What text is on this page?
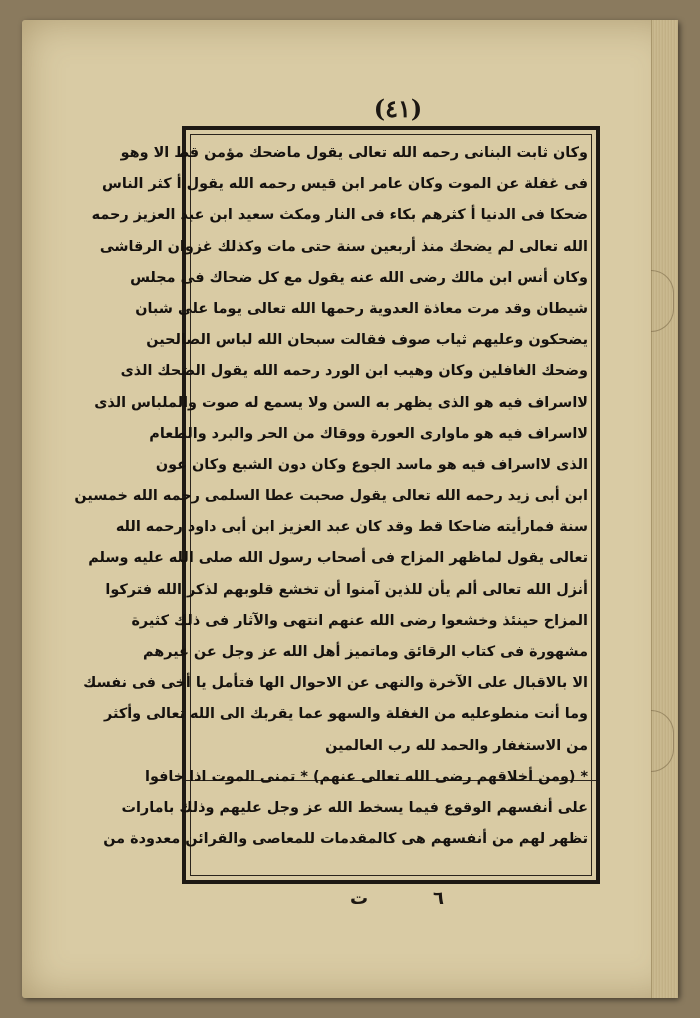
(٤١)
وكان ثابت البنانى رحمه الله تعالى يقول ماضحك مؤمن قط الا وهو
فى غفلة عن الموت وكان عامر ابن قيس رحمه الله يقول أ كثر الناس
ضحكا فى الدنيا أ كثرهم بكاء فى النار ومكث سعيد ابن عبد العزيز رحمه
الله تعالى لم يضحك منذ أربعين سنة حتى مات وكذلك غزوان الرقاشى
وكان أنس ابن مالك رضى الله عنه يقول مع كل ضحاك فى مجلس
شيطان وقد مرت معاذة العدوية رحمها الله تعالى يوما على شبان
يضحكون وعليهم ثياب صوف فقالت سبحان الله لباس الصالحين
وضحك الغافلين وكان وهيب ابن الورد رحمه الله يقول الضحك الذى
لااسراف فيه هو الذى يظهر به السن ولا يسمع له صوت والملباس الذى
لااسراف فيه هو ماوارى العورة ووقاك من الحر والبرد والطعام
الذى لااسراف فيه هو ماسد الجوع وكان دون الشبع وكان عون
ابن أبى زيد رحمه الله تعالى يقول صحبت عطا السلمى رحمه الله خمسين
سنة فمارأيته ضاحكا قط وقد كان عبد العزيز ابن أبى داود رحمه الله
تعالى يقول لماظهر المزاح فى أصحاب رسول الله صلى الله عليه وسلم
أنزل الله تعالى ألم يأن للذين آمنوا أن تخشع قلوبهم لذكر الله فتركوا
المزاح حينئذ وخشعوا رضى الله عنهم انتهى والآثار فى ذلك كثيرة
مشهورة فى كتاب الرقائق وماتميز أهل الله عز وجل عن غيرهم
الا بالاقبال على الآخرة والنهى عن الاحوال الها فتأمل يا أخى فى نفسك
وما أنت منطوعليه من الغفلة والسهو عما يقربك الى الله تعالى وأكثر
من الاستغفار والحمد لله رب العالمين
* (ومن أخلاقهم رضى الله تعالى عنهم) * تمنى الموت اذا خافوا
على أنفسهم الوقوع فيما يسخط الله عز وجل عليهم وذلك بامارات
تظهر لهم من أنفسهم هى كالمقدمات للمعاصى والقرائن معدودة من
ت	٦
